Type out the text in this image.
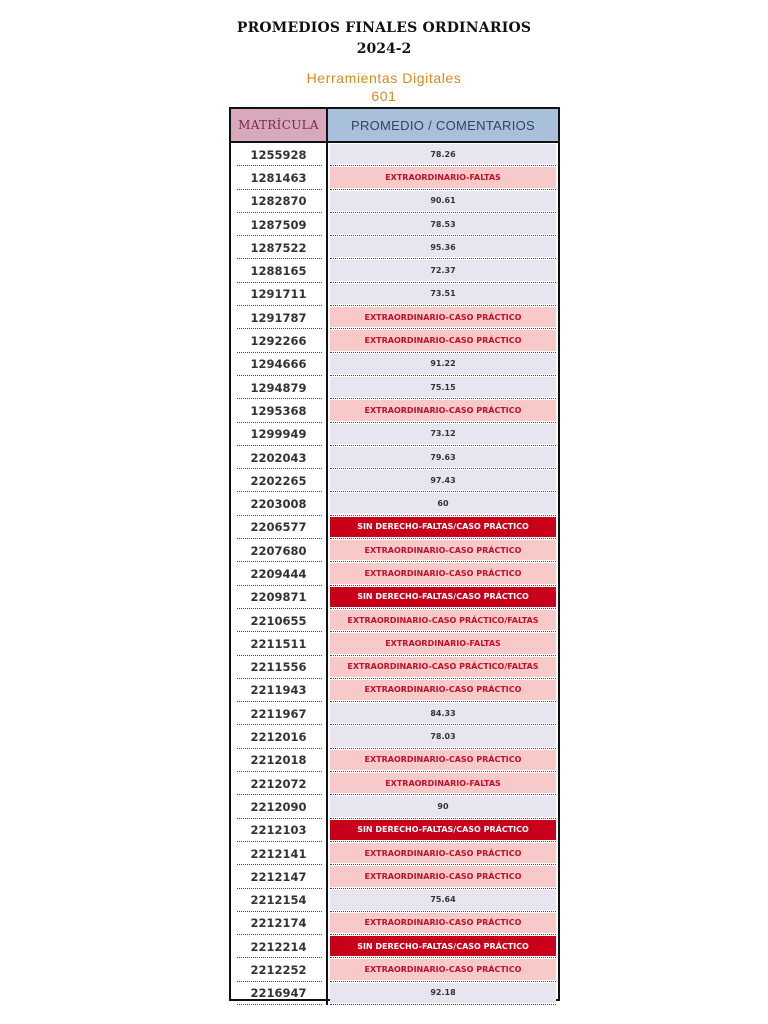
PROMEDIOS FINALES ORDINARIOS
2024-2
Herramientas Digitales
601
MATRÍCULA	PROMEDIO / COMENTARIOS
1255928	78.26
1281463	EXTRAORDINARIO-FALTAS
1282870	90.61
1287509	78.53
1287522	95.36
1288165	72.37
1291711	73.51
1291787	EXTRAORDINARIO-CASO PRÁCTICO
1292266	EXTRAORDINARIO-CASO PRÁCTICO
1294666	91.22
1294879	75.15
1295368	EXTRAORDINARIO-CASO PRÁCTICO
1299949	73.12
2202043	79.63
2202265	97.43
2203008	60
2206577	SIN DERECHO-FALTAS/CASO PRÁCTICO
2207680	EXTRAORDINARIO-CASO PRÁCTICO
2209444	EXTRAORDINARIO-CASO PRÁCTICO
2209871	SIN DERECHO-FALTAS/CASO PRÁCTICO
2210655	EXTRAORDINARIO-CASO PRÁCTICO/FALTAS
2211511	EXTRAORDINARIO-FALTAS
2211556	EXTRAORDINARIO-CASO PRÁCTICO/FALTAS
2211943	EXTRAORDINARIO-CASO PRÁCTICO
2211967	84.33
2212016	78.03
2212018	EXTRAORDINARIO-CASO PRÁCTICO
2212072	EXTRAORDINARIO-FALTAS
2212090	90
2212103	SIN DERECHO-FALTAS/CASO PRÁCTICO
2212141	EXTRAORDINARIO-CASO PRÁCTICO
2212147	EXTRAORDINARIO-CASO PRÁCTICO
2212154	75.64
2212174	EXTRAORDINARIO-CASO PRÁCTICO
2212214	SIN DERECHO-FALTAS/CASO PRÁCTICO
2212252	EXTRAORDINARIO-CASO PRÁCTICO
2216947	92.18
